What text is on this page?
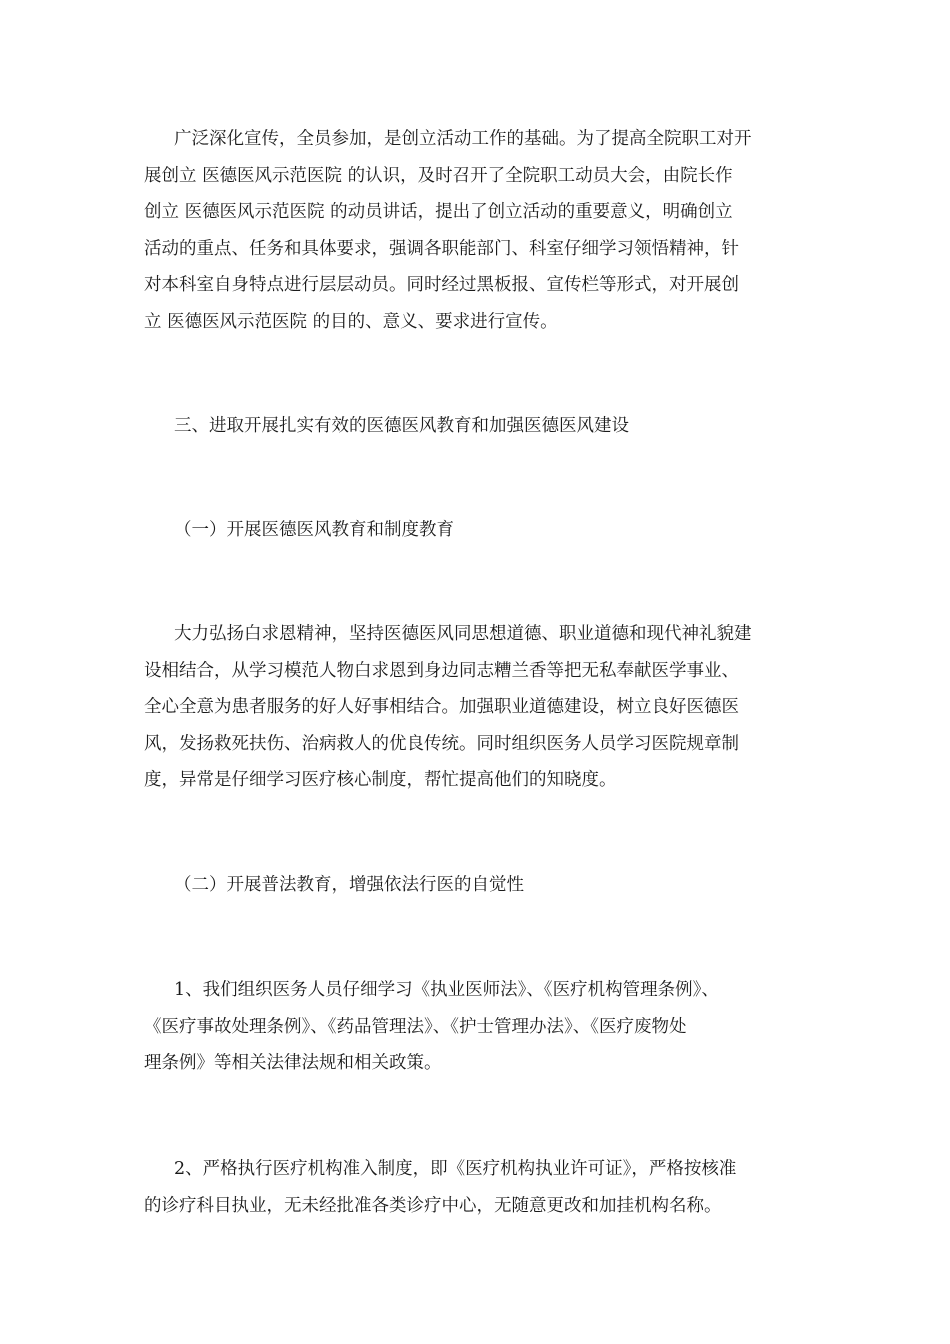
广泛深化宣传，全员参加，是创立活动工作的基础。为了提高全院职工对开
展创立 医德医风示范医院 的认识，及时召开了全院职工动员大会，由院长作
创立 医德医风示范医院 的动员讲话，提出了创立活动的重要意义，明确创立
活动的重点、任务和具体要求，强调各职能部门、科室仔细学习领悟精神，针
对本科室自身特点进行层层动员。同时经过黑板报、宣传栏等形式，对开展创
立 医德医风示范医院 的目的、意义、要求进行宣传。
三、进取开展扎实有效的医德医风教育和加强医德医风建设
（一）开展医德医风教育和制度教育
大力弘扬白求恩精神，坚持医德医风同思想道德、职业道德和现代神礼貌建
设相结合，从学习模范人物白求恩到身边同志糟兰香等把无私奉献医学事业、
全心全意为患者服务的好人好事相结合。加强职业道德建设，树立良好医德医
风，发扬救死扶伤、治病救人的优良传统。同时组织医务人员学习医院规章制
度，异常是仔细学习医疗核心制度，帮忙提高他们的知晓度。
（二）开展普法教育，增强依法行医的自觉性
1、我们组织医务人员仔细学习《执业医师法》、《医疗机构管理条例》、
《医疗事故处理条例》、《药品管理法》、《护士管理办法》、《医疗废物处
理条例》等相关法律法规和相关政策。
2、严格执行医疗机构准入制度，即《医疗机构执业许可证》，严格按核准
的诊疗科目执业，无未经批准各类诊疗中心，无随意更改和加挂机构名称。
